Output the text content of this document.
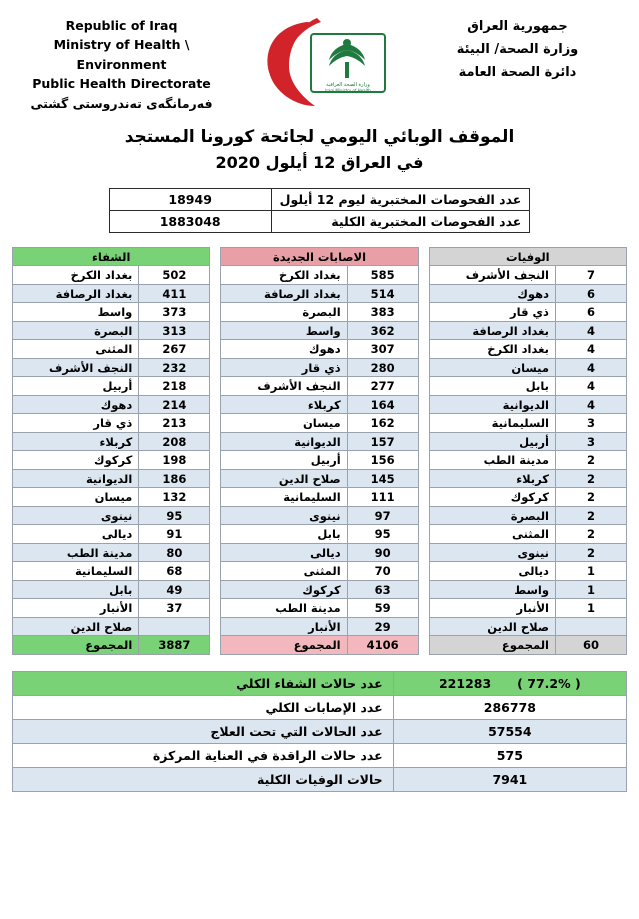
Republic of Iraq
Ministry of Health \ Environment
Public Health Directorate
فه‌رمانگه‌ى ته‌ندروستى گشتى
وزارة الصحة العراقية
Iraqi Ministry of Health
جمهورية العراق
وزارة الصحة/ البيئة
دائرة الصحة العامة
الموقف الوبائي اليومي لجائحة كورونا المستجد
في العراق 12 أيلول 2020
عدد الفحوصات المختبرية ليوم 12 أيلول	18949
عدد الفحوصات المختبرية الكلية	1883048
الوفيات	
7	النجف الأشرف
6	دهوك
6	ذي قار
4	بغداد الرصافة
4	بغداد الكرخ
4	ميسان
4	بابل
4	الديوانية
3	السليمانية
3	أربيل
2	مدينة الطب
2	كربلاء
2	كركوك
2	البصرة
2	المثنى
2	نينوى
1	ديالى
1	واسط
1	الأنبار
	صلاح الدين
60	المجموع
الاصابات الجديدة	
585	بغداد الكرخ
514	بغداد الرصافة
383	البصرة
362	واسط
307	دهوك
280	ذي قار
277	النجف الأشرف
164	كربلاء
162	ميسان
157	الديوانية
156	أربيل
145	صلاح الدين
111	السليمانية
97	نينوى
95	بابل
90	ديالى
70	المثنى
63	كركوك
59	مدينة الطب
29	الأنبار
4106	المجموع
الشفاء	
502	بغداد الكرخ
411	بغداد الرصافة
373	واسط
313	البصرة
267	المثنى
232	النجف الأشرف
218	أربيل
214	دهوك
213	ذي قار
208	كربلاء
198	كركوك
186	الديوانية
132	ميسان
95	نينوى
91	ديالى
80	مدينة الطب
68	السليمانية
49	بابل
37	الأنبار
	صلاح الدين
3887	المجموع
( 77.2% )221283	عدد حالات الشفاء الكلي
286778	عدد الإصابات الكلي
57554	عدد الحالات التي تحت العلاج
575	عدد حالات الراقدة في العناية المركزة
7941	حالات الوفيات الكلية
